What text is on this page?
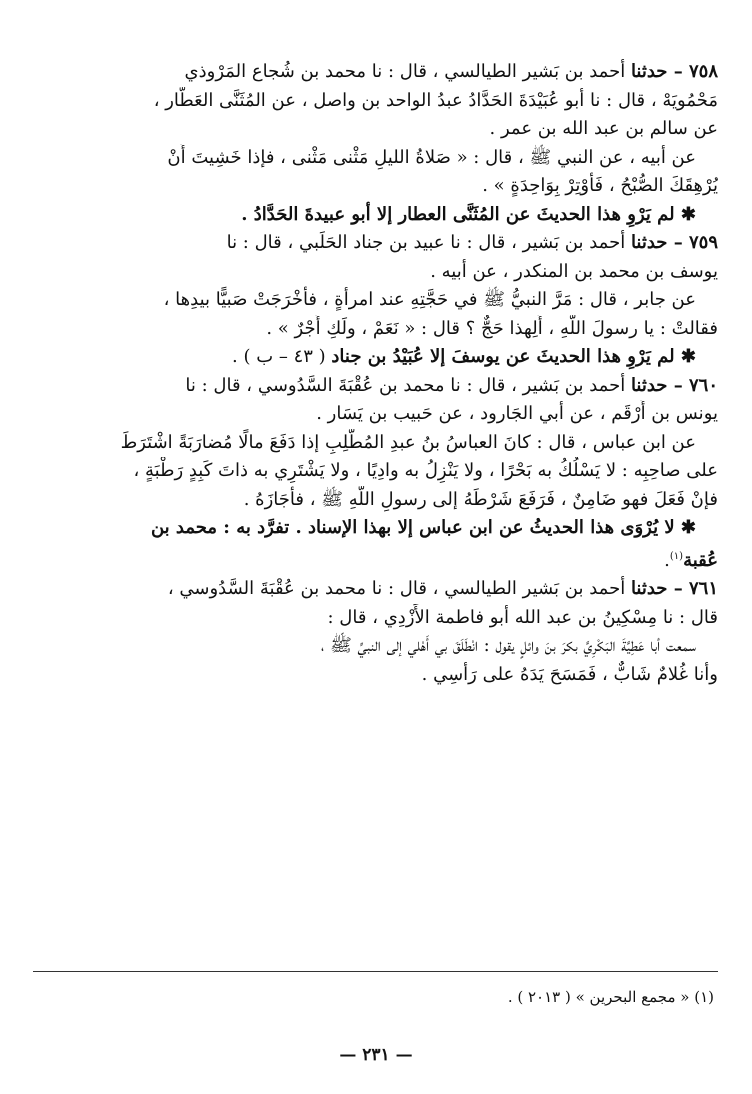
٧٥٨ – حدثنا أحمد بن بَشير الطيالسي ، قال : نا محمد بن شُجاع المَرْوذي
مَحْمُويَهْ ، قال : نا أبو عُبَيْدَةَ الحَدَّادُ عبدُ الواحد بن واصل ، عن المُثَنَّى العَطَّار ،
عن سالم بن عبد الله بن عمر .
عن أبيه ، عن النبي ﷺ ، قال : « صَلاةُ الليلِ مَثْنى مَثْنى ، فإذا خَشِيتَ أَنْ
يُرْهِقَكَ الصُّبْحُ ، فَأَوْتِرْ بِوَاحِدَةٍ » .
✱ لم يَرْوِ هذا الحديثَ عن المُثَنَّى العطار إلا أبو عبيدةَ الحَدَّادُ .
٧٥٩ – حدثنا أحمد بن بَشير ، قال : نا عبيد بن جناد الحَلَبي ، قال : نا
يوسف بن محمد بن المنكدر ، عن أبيه .
عن جابر ، قال : مَرَّ النبيُّ ﷺ في حَجَّتِهِ عند امرأةٍ ، فأَخْرَجَتْ صَبيًّا بيدِها ،
فقالتْ : يا رسولَ اللَّهِ ، أَلِهذا حَجٌّ ؟ قال : « نَعَمْ ، ولَكِ أَجْرٌ » .
✱ لم يَرْوِ هذا الحديثَ عن يوسفَ إلا عُبَيْدُ بن جناد ( ٤٣ – ب ) .
٧٦٠ – حدثنا أحمد بن بَشير ، قال : نا محمد بن عُقْبَةَ السَّدُوسي ، قال : نا
يونس بن أَرْقَم ، عن أبي الجَارود ، عن حَبيب بن يَسَار .
عن ابن عباس ، قال : كانَ العباسُ بنُ عبدِ المُطَّلِبِ إذا دَفَعَ مالًا مُضارَبَةً اشْتَرَطَ
على صاحِبِه : لا يَسْلُكُ به بَحْرًا ، ولا يَنْزِلُ به وادِيًا ، ولا يَشْتَرِي به ذاتَ كَبِدٍ رَطْبَةٍ ،
فإنْ فَعَلَ فهو ضَامِنٌ ، فَرَفَعَ شَرْطَهُ إلى رسولِ اللَّهِ ﷺ ، فأَجَازَهُ .
✱ لا يُرْوَى هذا الحديثُ عن ابن عباس إلا بهذا الإسناد . تفرَّد به : محمد بن
عُقبة$^{(١)}$.
٧٦١ – حدثنا أحمد بن بَشير الطيالسي ، قال : نا محمد بن عُقْبَةَ السَّدُوسي ،
قال : نا مِسْكِينُ بن عبد الله أبو فاطمة الأَزْدِي ، قال :
سمعت أبا عَطِيَّةَ البَكْرِيَّ بكرَ بنَ وائلٍ يقول : انْطَلَقَ بي أَهْلي إلى النبيِّ ﷺ ،
وأنا غُلامٌ شَابٌّ ، فَمَسَحَ يَدَهُ على رَأْسِي .
(١) « مجمع البحرين » ( ٢٠١٣ ) .
— ٢٣١ —
